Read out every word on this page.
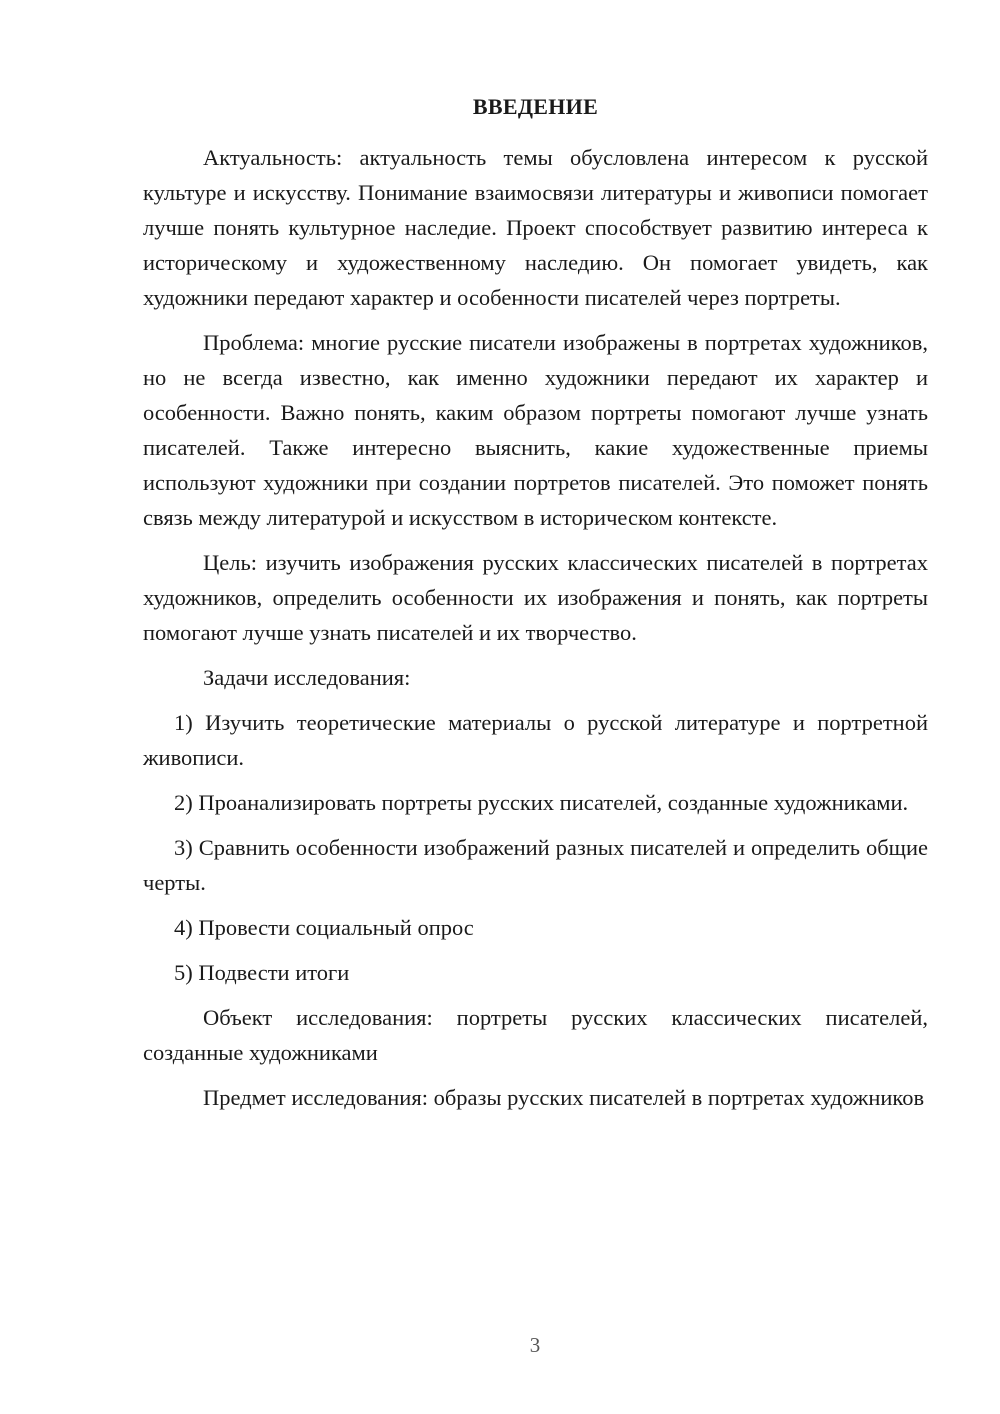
ВВЕДЕНИЕ

Актуальность: актуальность темы обусловлена интересом к русской культуре и искусству. Понимание взаимосвязи литературы и живописи помогает лучше понять культурное наследие. Проект способствует развитию интереса к историческому и художественному наследию. Он помогает увидеть, как художники передают характер и особенности писателей через портреты.

Проблема: многие русские писатели изображены в портретах художников, но не всегда известно, как именно художники передают их характер и особенности. Важно понять, каким образом портреты помогают лучше узнать писателей. Также интересно выяснить, какие художественные приемы используют художники при создании портретов писателей. Это поможет понять связь между литературой и искусством в историческом контексте.

Цель: изучить изображения русских классических писателей в портретах художников, определить особенности их изображения и понять, как портреты помогают лучше узнать писателей и их творчество.

Задачи исследования:

1) Изучить теоретические материалы о русской литературе и портретной живописи.

2) Проанализировать портреты русских писателей, созданные художниками.

3) Сравнить особенности изображений разных писателей и определить общие черты.

4) Провести социальный опрос

5) Подвести итоги

Объект исследования: портреты русских классических писателей, созданные художниками

Предмет исследования: образы русских писателей в портретах художников

3
